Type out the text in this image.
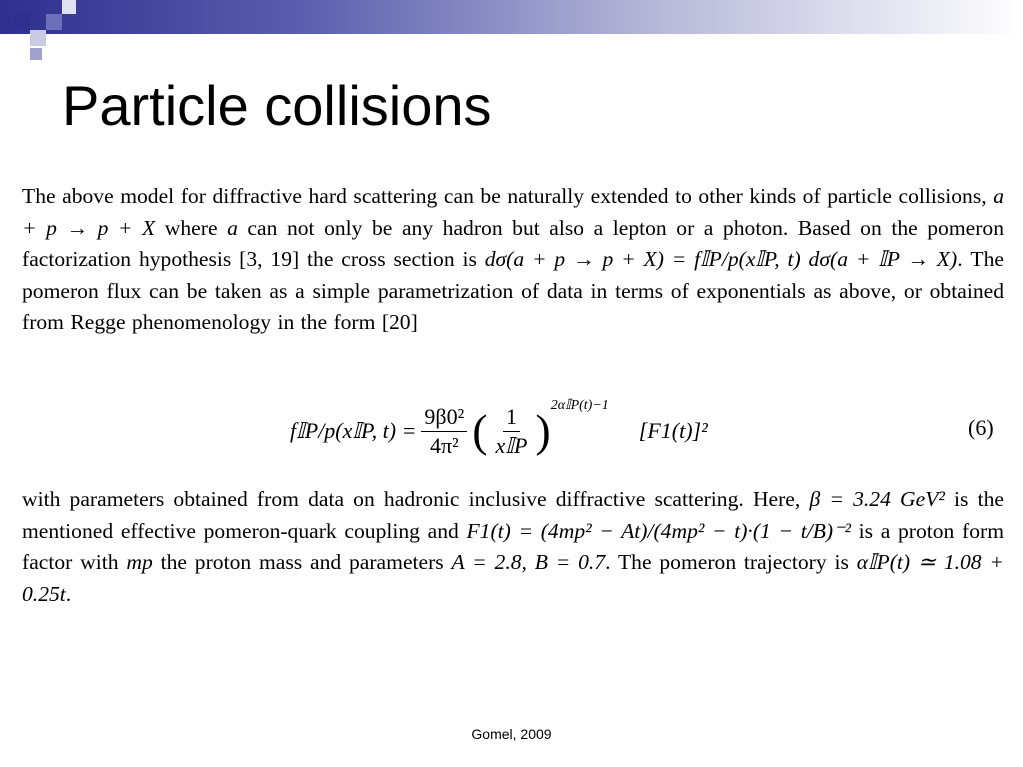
Particle collisions

The above model for diffractive hard scattering can be naturally extended to other kinds of particle collisions, a + p → p + X where a can not only be any hadron but also a lepton or a photon. Based on the pomeron factorization hypothesis [3, 19] the cross section is dσ(a + p → p + X) = f𝕀P/p(x𝕀P, t) dσ(a + 𝕀P → X). The pomeron flux can be taken as a simple parametrization of data in terms of exponentials as above, or obtained from Regge phenomenology in the form [20]

f𝕀P/p(x𝕀P, $t) = \frac{\text{9β0²}}{\text{4π²}}$ ( $\frac{1}{\text{x𝕀P}}$ ) 2α𝕀P(t)−1
[F1(t)]²	(6)

with parameters obtained from data on hadronic inclusive diffractive scattering. Here, β = 3.24 GeV² is the mentioned effective pomeron-quark coupling and F1(t) = (4mp² − At)/(4mp² − t)·(1 − t/B)⁻² is a proton form factor with mp the proton mass and parameters A = 2.8, B = 0.7. The pomeron trajectory is α𝕀P(t) ≃ 1.08 + 0.25t.

Gomel, 2009
